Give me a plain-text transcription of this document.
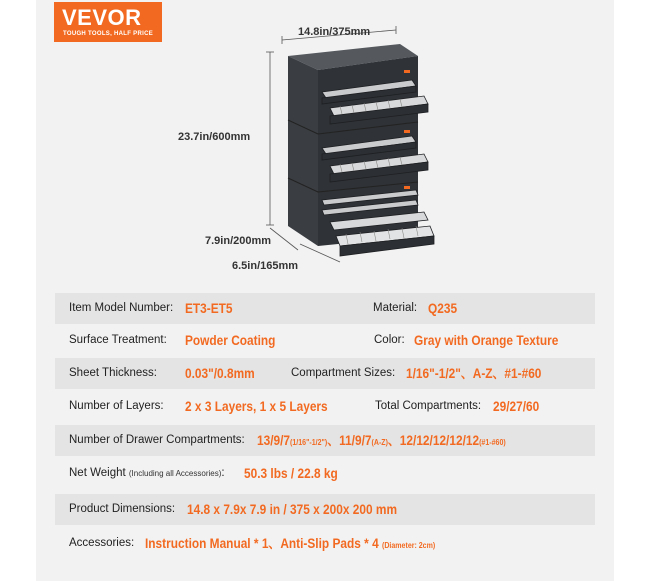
VEVOR
TOUGH TOOLS, HALF PRICE	14.8in/375mm
23.7in/600mm
7.9in/200mm
6.5in/165mm
Item Model Number: ET3-ET5	Material: Q235
Surface Treatment: Powder Coating	Color: Gray with Orange Texture
Sheet Thickness: 0.03"/0.8mm	Compartment Sizes: 1/16"-1/2"、A-Z、#1-#60
Number of Layers: 2 x 3 Layers, 1 x 5 Layers	Total Compartments: 29/27/60
Number of Drawer Compartments: 13/9/7(1/16"-1/2")、11/9/7(A-Z)、12/12/12/12/12(#1-#60)
Net Weight (Including all Accessories): 50.3 lbs / 22.8 kg
Product Dimensions: 14.8 x 7.9x 7.9 in / 375 x 200x 200 mm
Accessories: Instruction Manual * 1、Anti-Slip Pads * 4 (Diameter: 2cm)
